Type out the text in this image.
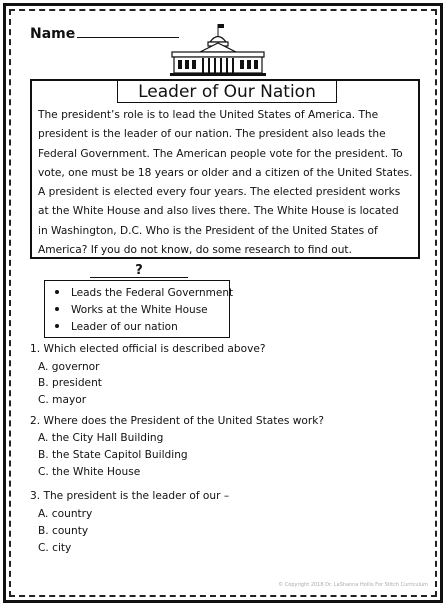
Name
Leader of Our Nation
The president’s role is to lead the United States of America. The
president is the leader of our nation. The president also leads the
Federal Government. The American people vote for the president. To
vote, one must be 18 years or older and a citizen of the United States.
A president is elected every four years. The elected president works
at the White House and also lives there. The White House is located
in Washington, D.C. Who is the President of the United States of
America? If you do not know, do some research to find out.
?
Leads the Federal Government
Works at the White House
Leader of our nation
1. Which elected official is described above?
A. governor
B. president
C. mayor
2. Where does the President of the United States work?
A. the City Hall Building
B. the State Capitol Building
C. the White House
3. The president is the leader of our –
A. country
B. county
C. city
© Copyright 2018 Dr. LaShanna Hollis For Stitch Curriculum
